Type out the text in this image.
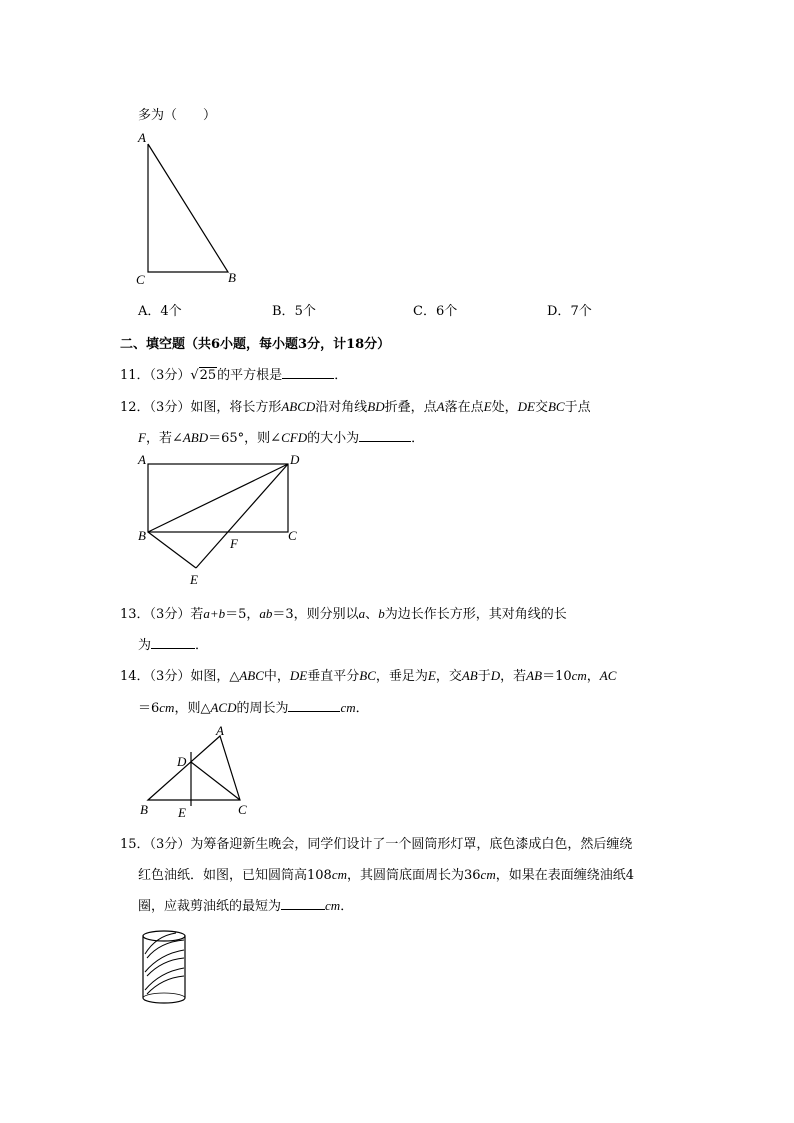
多为（　　）
A
C	B
A．4个	B．5个	C．6个	D．7个
二、填空题（共6小题，每小题3分，计18分）
11．（3分）√25的平方根是	．
12．（3分）如图，将长方形ABCD沿对角线BD折叠，点A落在点E处，DE交BC于点
F，若∠ABD＝65°，则∠CFD的大小为	．
A	D
B	C
F
E
13．（3分）若a+b＝5，ab＝3，则分别以a、b为边长作长方形，其对角线的长
为	．
14．（3分）如图，△ABC中，DE垂直平分BC，垂足为E，交AB于D，若AB＝10cm，AC
＝6cm，则△ACD的周长为	cm．
A
D
B E	C
15．（3分）为筹备迎新生晚会，同学们设计了一个圆筒形灯罩，底色漆成白色，然后缠绕
红色油纸．如图，已知圆筒高108cm，其圆筒底面周长为36cm，如果在表面缠绕油纸4
圈，应裁剪油纸的最短为	cm．
